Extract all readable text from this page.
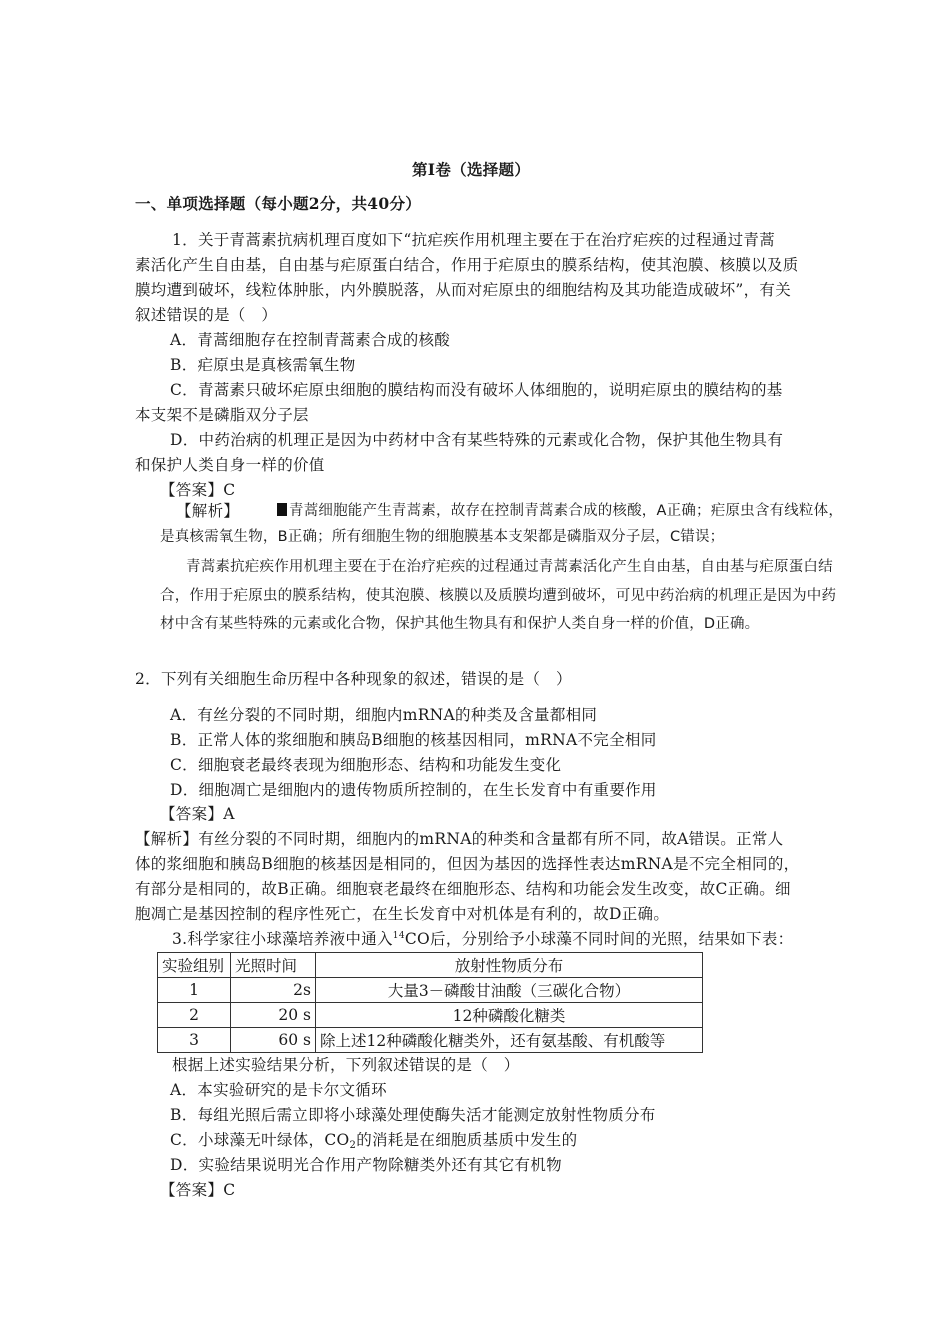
第Ⅰ卷（选择题）
一、单项选择题（每小题2分，共40分）
1．关于青蒿素抗病机理百度如下“抗疟疾作用机理主要在于在治疗疟疾的过程通过青蒿
素活化产生自由基，自由基与疟原蛋白结合，作用于疟原虫的膜系结构，使其泡膜、核膜以及质
膜均遭到破坏，线粒体肿胀，内外膜脱落，从而对疟原虫的细胞结构及其功能造成破坏”，有关
叙述错误的是（　）
A．青蒿细胞存在控制青蒿素合成的核酸
B．疟原虫是真核需氧生物
C．青蒿素只破坏疟原虫细胞的膜结构而没有破坏人体细胞的，说明疟原虫的膜结构的基
本支架不是磷脂双分子层
D．中药治病的机理正是因为中药材中含有某些特殊的元素或化合物，保护其他生物具有
和保护人类自身一样的价值
【答案】C
【解析】	青蒿细胞能产生青蒿素，故存在控制青蒿素合成的核酸，A正确；疟原虫含有线粒体，
是真核需氧生物，B正确；所有细胞生物的细胞膜基本支架都是磷脂双分子层，C错误；
青蒿素抗疟疾作用机理主要在于在治疗疟疾的过程通过青蒿素活化产生自由基，自由基与疟原蛋白结
合，作用于疟原虫的膜系结构，使其泡膜、核膜以及质膜均遭到破坏，可见中药治病的机理正是因为中药
材中含有某些特殊的元素或化合物，保护其他生物具有和保护人类自身一样的价值，D正确。
2．下列有关细胞生命历程中各种现象的叙述，错误的是（　）
A．有丝分裂的不同时期，细胞内mRNA的种类及含量都相同
B．正常人体的浆细胞和胰岛B细胞的核基因相同，mRNA不完全相同
C．细胞衰老最终表现为细胞形态、结构和功能发生变化
D．细胞凋亡是细胞内的遗传物质所控制的，在生长发育中有重要作用
【答案】A
【解析】有丝分裂的不同时期，细胞内的mRNA的种类和含量都有所不同，故A错误。正常人
体的浆细胞和胰岛B细胞的核基因是相同的，但因为基因的选择性表达mRNA是不完全相同的，
有部分是相同的，故B正确。细胞衰老最终在细胞形态、结构和功能会发生改变，故C正确。细
胞凋亡是基因控制的程序性死亡，在生长发育中对机体是有利的，故D正确。
3.科学家往小球藻培养液中通入$^{14}$CO后，分别给予小球藻不同时间的光照，结果如下表：
实验组别	光照时间	放射性物质分布
1	2s	大量3－磷酸甘油酸（三碳化合物）
2	20 s	12种磷酸化糖类
3	60 s	除上述12种磷酸化糖类外，还有氨基酸、有机酸等
根据上述实验结果分析，下列叙述错误的是（　）
A．本实验研究的是卡尔文循环
B．每组光照后需立即将小球藻处理使酶失活才能测定放射性物质分布
C．小球藻无叶绿体，$CO_2$的消耗是在细胞质基质中发生的
D．实验结果说明光合作用产物除糖类外还有其它有机物
【答案】C
